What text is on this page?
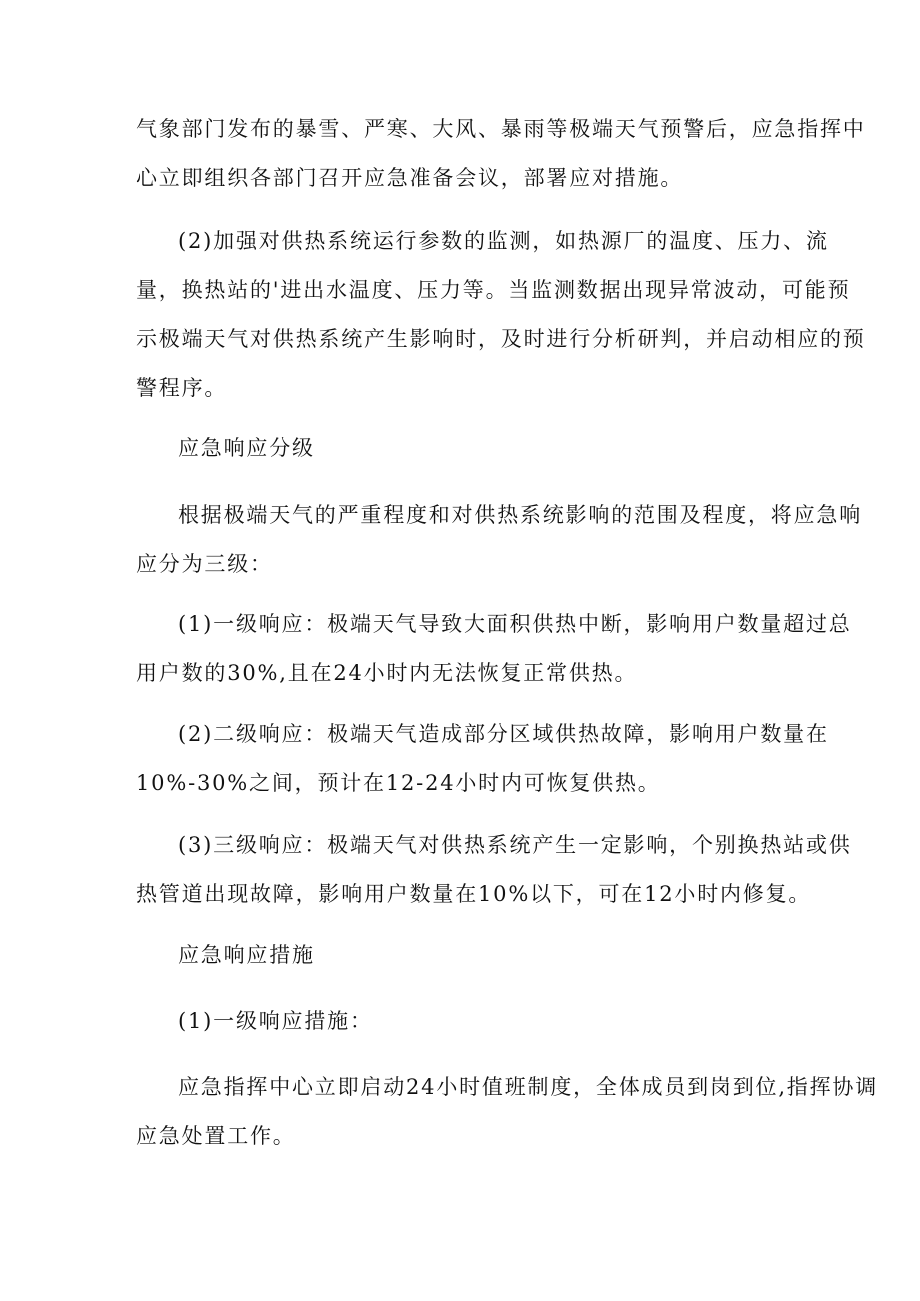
气象部门发布的暴雪、严寒、大风、暴雨等极端天气预警后，应急指挥中
心立即组织各部门召开应急准备会议，部署应对措施。

(2)加强对供热系统运行参数的监测，如热源厂的温度、压力、流
量，换热站的'进出水温度、压力等。当监测数据出现异常波动，可能预
示极端天气对供热系统产生影响时，及时进行分析研判，并启动相应的预
警程序。

应急响应分级

根据极端天气的严重程度和对供热系统影响的范围及程度，将应急响
应分为三级：

(1)一级响应：极端天气导致大面积供热中断，影响用户数量超过总
用户数的30%,且在24小时内无法恢复正常供热。

(2)二级响应：极端天气造成部分区域供热故障，影响用户数量在
10%-30%之间，预计在12-24小时内可恢复供热。

(3)三级响应：极端天气对供热系统产生一定影响，个别换热站或供
热管道出现故障，影响用户数量在10%以下，可在12小时内修复。

应急响应措施

(1)一级响应措施：

应急指挥中心立即启动24小时值班制度，全体成员到岗到位,指挥协调
应急处置工作。
